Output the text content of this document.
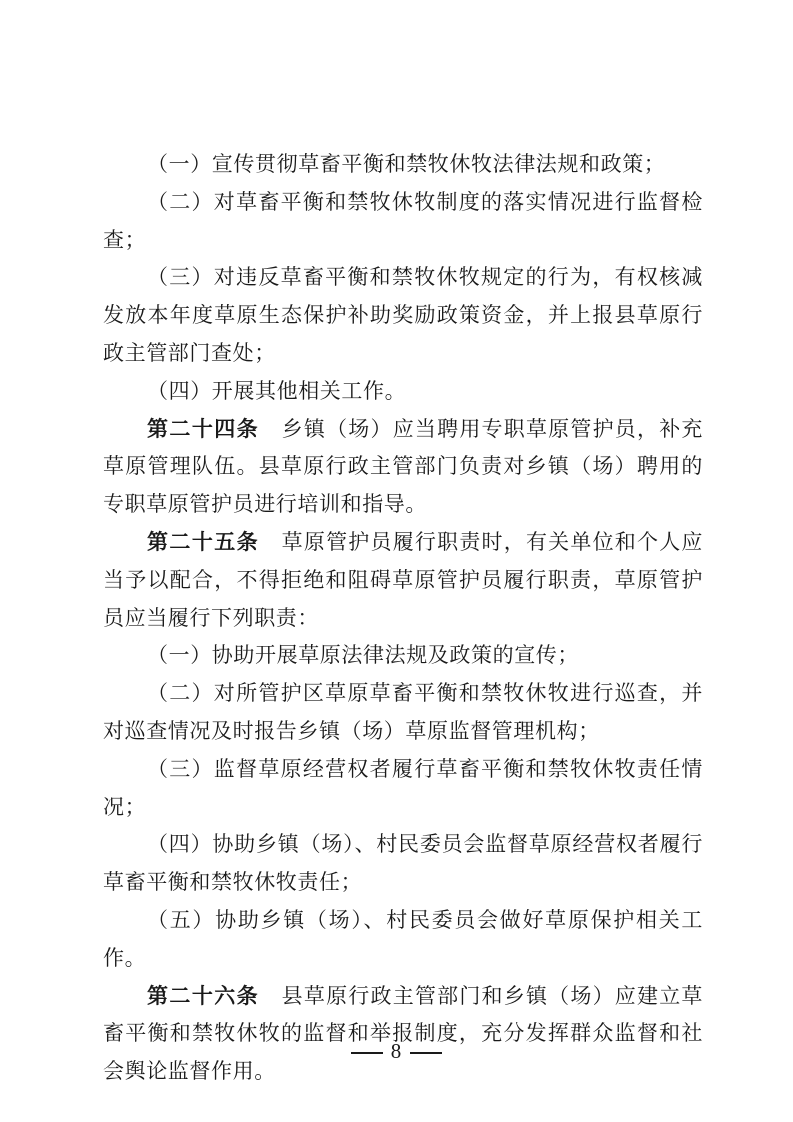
（一）宣传贯彻草畜平衡和禁牧休牧法律法规和政策；

（二）对草畜平衡和禁牧休牧制度的落实情况进行监督检查；

（三）对违反草畜平衡和禁牧休牧规定的行为，有权核减发放本年度草原生态保护补助奖励政策资金，并上报县草原行政主管部门查处；

（四）开展其他相关工作。

第二十四条 乡镇（场）应当聘用专职草原管护员，补充草原管理队伍。县草原行政主管部门负责对乡镇（场）聘用的专职草原管护员进行培训和指导。

第二十五条 草原管护员履行职责时，有关单位和个人应当予以配合，不得拒绝和阻碍草原管护员履行职责，草原管护员应当履行下列职责：

（一）协助开展草原法律法规及政策的宣传；

（二）对所管护区草原草畜平衡和禁牧休牧进行巡查，并对巡查情况及时报告乡镇（场）草原监督管理机构；

（三）监督草原经营权者履行草畜平衡和禁牧休牧责任情况；

（四）协助乡镇（场）、村民委员会监督草原经营权者履行草畜平衡和禁牧休牧责任；

（五）协助乡镇（场）、村民委员会做好草原保护相关工作。

第二十六条 县草原行政主管部门和乡镇（场）应建立草畜平衡和禁牧休牧的监督和举报制度，充分发挥群众监督和社会舆论监督作用。

8
